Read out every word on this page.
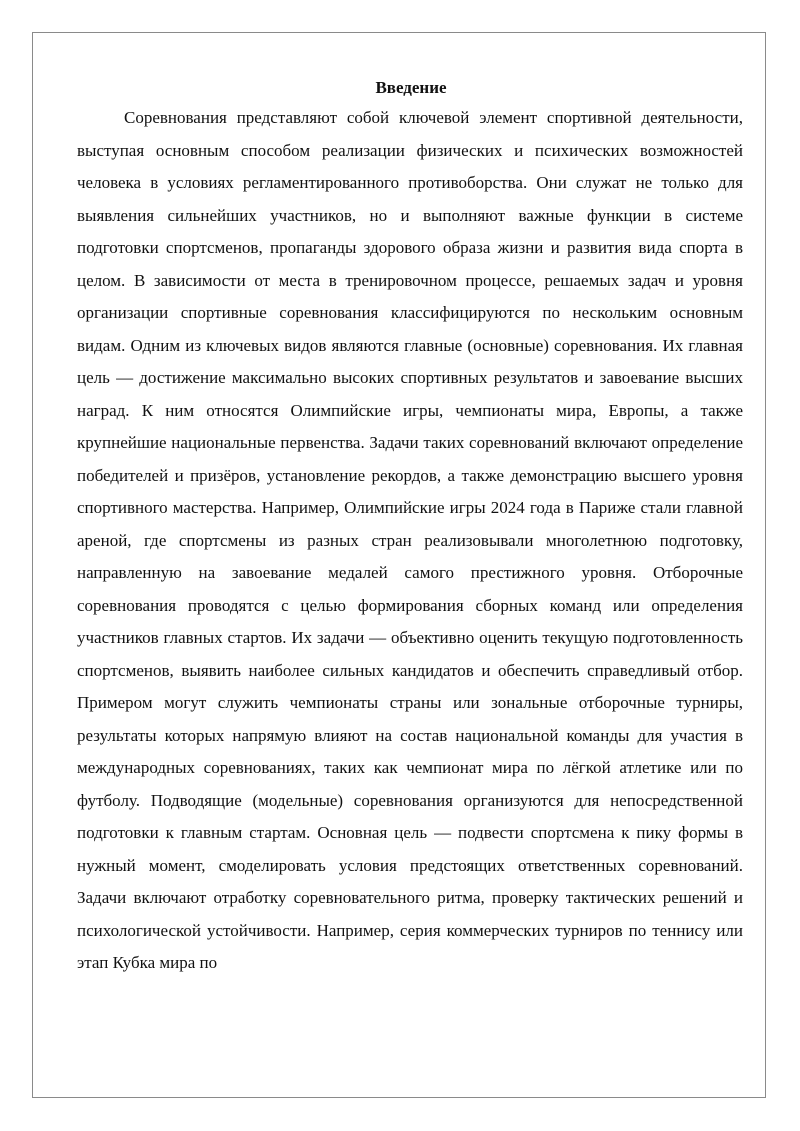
Введение

Соревнования представляют собой ключевой элемент спортивной деятельности, выступая основным способом реализации физических и психических возможностей человека в условиях регламентированного противоборства. Они служат не только для выявления сильнейших участников, но и выполняют важные функции в системе подготовки спортсменов, пропаганды здорового образа жизни и развития вида спорта в целом. В зависимости от места в тренировочном процессе, решаемых задач и уровня организации спортивные соревнования классифицируются по нескольким основным видам. Одним из ключевых видов являются главные (основные) соревнования. Их главная цель — достижение максимально высоких спортивных результатов и завоевание высших наград. К ним относятся Олимпийские игры, чемпионаты мира, Европы, а также крупнейшие национальные первенства. Задачи таких соревнований включают определение победителей и призёров, установление рекордов, а также демонстрацию высшего уровня спортивного мастерства. Например, Олимпийские игры 2024 года в Париже стали главной ареной, где спортсмены из разных стран реализовывали многолетнюю подготовку, направленную на завоевание медалей самого престижного уровня. Отборочные соревнования проводятся с целью формирования сборных команд или определения участников главных стартов. Их задачи — объективно оценить текущую подготовленность спортсменов, выявить наиболее сильных кандидатов и обеспечить справедливый отбор. Примером могут служить чемпионаты страны или зональные отборочные турниры, результаты которых напрямую влияют на состав национальной команды для участия в международных соревнованиях, таких как чемпионат мира по лёгкой атлетике или по футболу. Подводящие (модельные) соревнования организуются для непосредственной подготовки к главным стартам. Основная цель — подвести спортсмена к пику формы в нужный момент, смоделировать условия предстоящих ответственных соревнований. Задачи включают отработку соревновательного ритма, проверку тактических решений и психологической устойчивости. Например, серия коммерческих турниров по теннису или этап Кубка мира по
